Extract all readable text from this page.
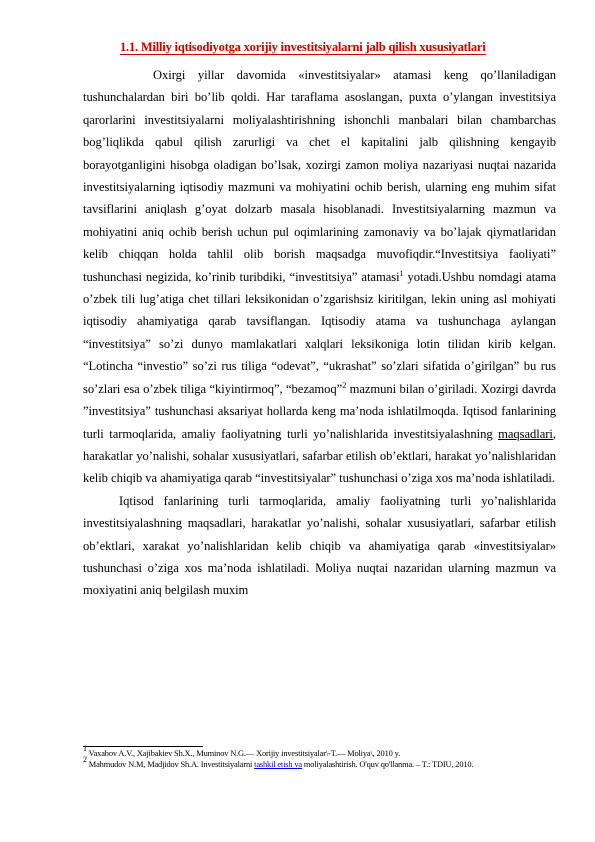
1.1. Milliy iqtisodiyotga xorijiy investitsiyalarni jalb qilish xususiyatlari

Oxirgi yillar davomida «investitsiyalar» atamasi keng qo’llaniladigan tushunchalardan biri bo’lib qoldi. Har taraflama asoslangan, puxta o’ylangan investitsiya qarorlarini investitsiyalarni moliyalashtirishning ishonchli manbalari bilan chambarchas bog’liqlikda qabul qilish zarurligi va chet el kapitalini jalb qilishning kengayib borayotganligini hisobga oladigan bo’lsak, xozirgi zamon moliya nazariyasi nuqtai nazarida investitsiyalarning iqtisodiy mazmuni va mohiyatini ochib berish, ularning eng muhim sifat tavsiflarini aniqlash g’oyat dolzarb masala hisoblanadi. Investitsiyalarning mazmun va mohiyatini aniq ochib berish uchun pul oqimlarining zamonaviy va bo’lajak qiymatlaridan kelib chiqqan holda tahlil olib borish maqsadga muvofiqdir.“Investitsiya faoliyati” tushunchasi negizida, ko’rinib turibdiki, “investitsiya” atamasi$^1$ yotadi.Ushbu nomdagi atama o’zbek tili lug’atiga chet tillari leksikonidan o’zgarishsiz kiritilgan, lekin uning asl mohiyati iqtisodiy ahamiyatiga qarab tavsiflangan. Iqtisodiy atama va tushunchaga aylangan “investitsiya” so’zi dunyo mamlakatlari xalqlari leksikoniga lotin tilidan kirib kelgan. “Lotincha “investio” so’zi rus tiliga “odevat”, “ukrashat” so’zlari sifatida o’girilgan” bu rus so’zlari esa o’zbek tiliga “kiyintirmoq”, “bezamoq”$^2$ mazmuni bilan o’giriladi. Xozirgi davrda ”investitsiya” tushunchasi aksariyat hollarda keng ma’noda ishlatilmoqda. Iqtisod fanlarining turli tarmoqlarida, amaliy faoliyatning turli yo’nalishlarida investitsiyalashning maqsadlari, harakatlar yo’nalishi, sohalar xususiyatlari, safarbar etilish ob’ektlari, harakat yo’nalishlaridan kelib chiqib va ahamiyatiga qarab “investitsiyalar” tushunchasi o’ziga xos ma’noda ishlatiladi.

Iqtisod fanlarining turli tarmoqlarida, amaliy faoliyatning turli yo’nalishlarida investitsiyalashning maqsadlari, harakatlar yo’nalishi, sohalar xususiyatlari, safarbar etilish ob’ektlari, xarakat yo’nalishlaridan kelib chiqib va ahamiyatiga qarab «investitsiyalar» tushunchasi o’ziga xos ma’noda ishlatiladi. Moliya nuqtai nazaridan ularning mazmun va moxiyatini aniq belgilash muxim

$^1$ Vaxabov A.V., Xajibakiev Sh.X., Muminov N.G.— Xorijiy investitsiyalar\-T.— Moliya\, 2010 y.
$^2$ Mahmudov N.M, Madjidov Sh.A. Investitsiyalarni tashkil etish va moliyalashtirish. O'quv qo'llanma. – T.: TDIU, 2010.
